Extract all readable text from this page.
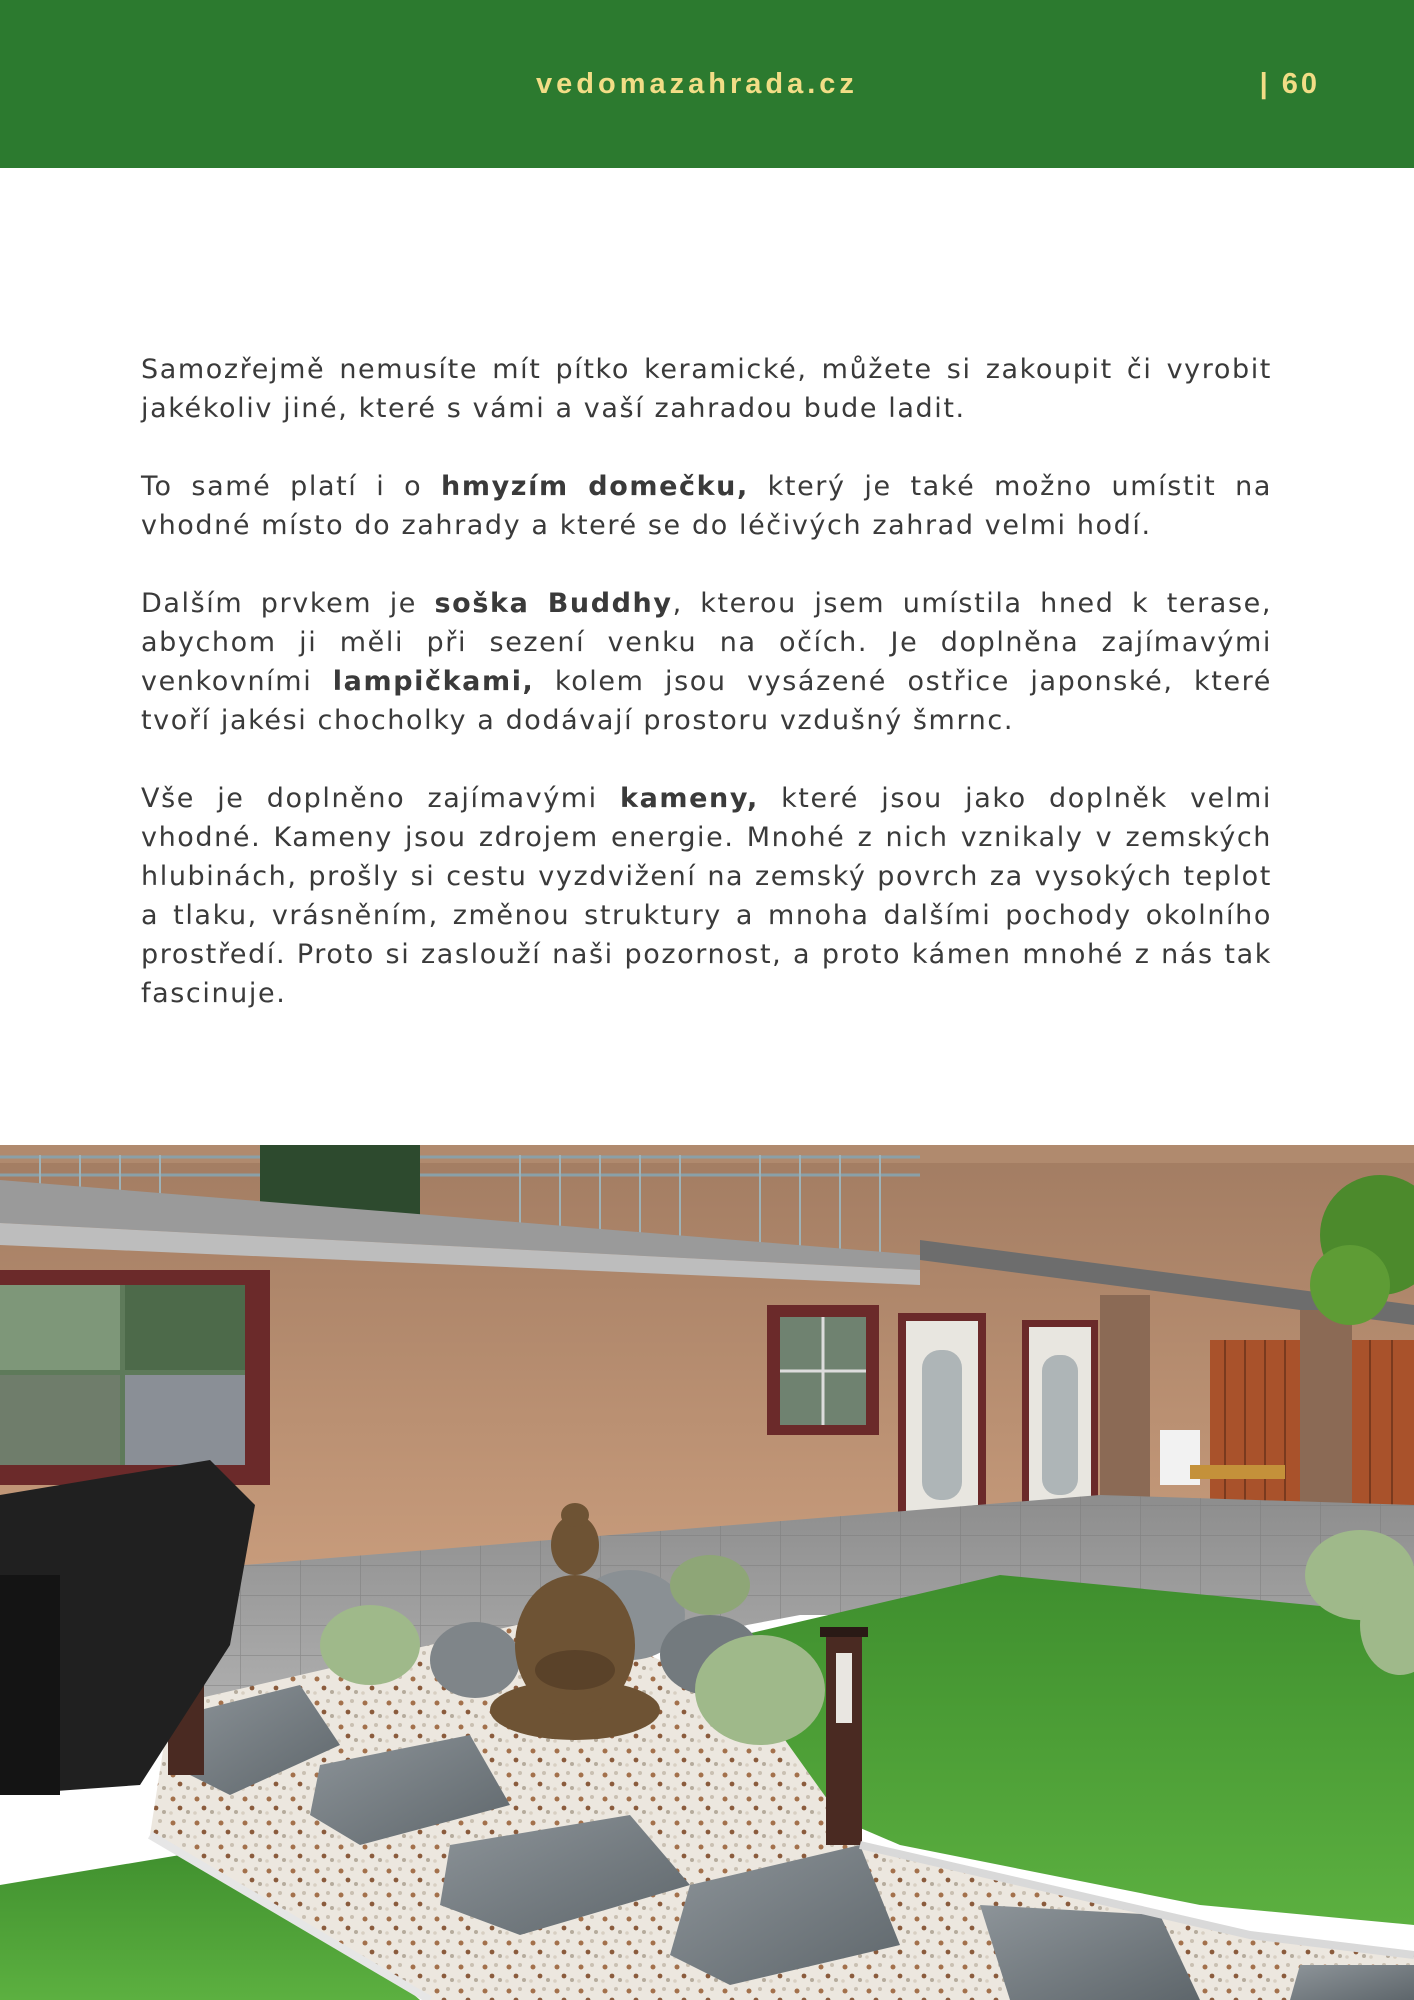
vedomazahrada.cz	| 60

Samozřejmě nemusíte mít pítko keramické, můžete si zakoupit či vyrobit jakékoliv jiné, které s vámi a vaší zahradou bude ladit.

To samé platí i o hmyzím domečku, který je také možno umístit na vhodné místo do zahrady a které se do léčivých zahrad velmi hodí.

Dalším prvkem je soška Buddhy, kterou jsem umístila hned k terase, abychom ji měli při sezení venku na očích. Je doplněna zajímavými venkovními lampičkami, kolem jsou vysázené ostřice japonské, které tvoří jakési chocholky a dodávají prostoru vzdušný šmrnc.

Vše je doplněno zajímavými kameny, které jsou jako doplněk velmi vhodné. Kameny jsou zdrojem energie. Mnohé z nich vznikaly v zemských hlubinách, prošly si cestu vyzdvižení na zemský povrch za vysokých teplot a tlaku, vrásněním, změnou struktury a mnoha dalšími pochody okolního prostředí. Proto si zaslouží naši pozornost, a proto kámen mnohé z nás tak fascinuje.
